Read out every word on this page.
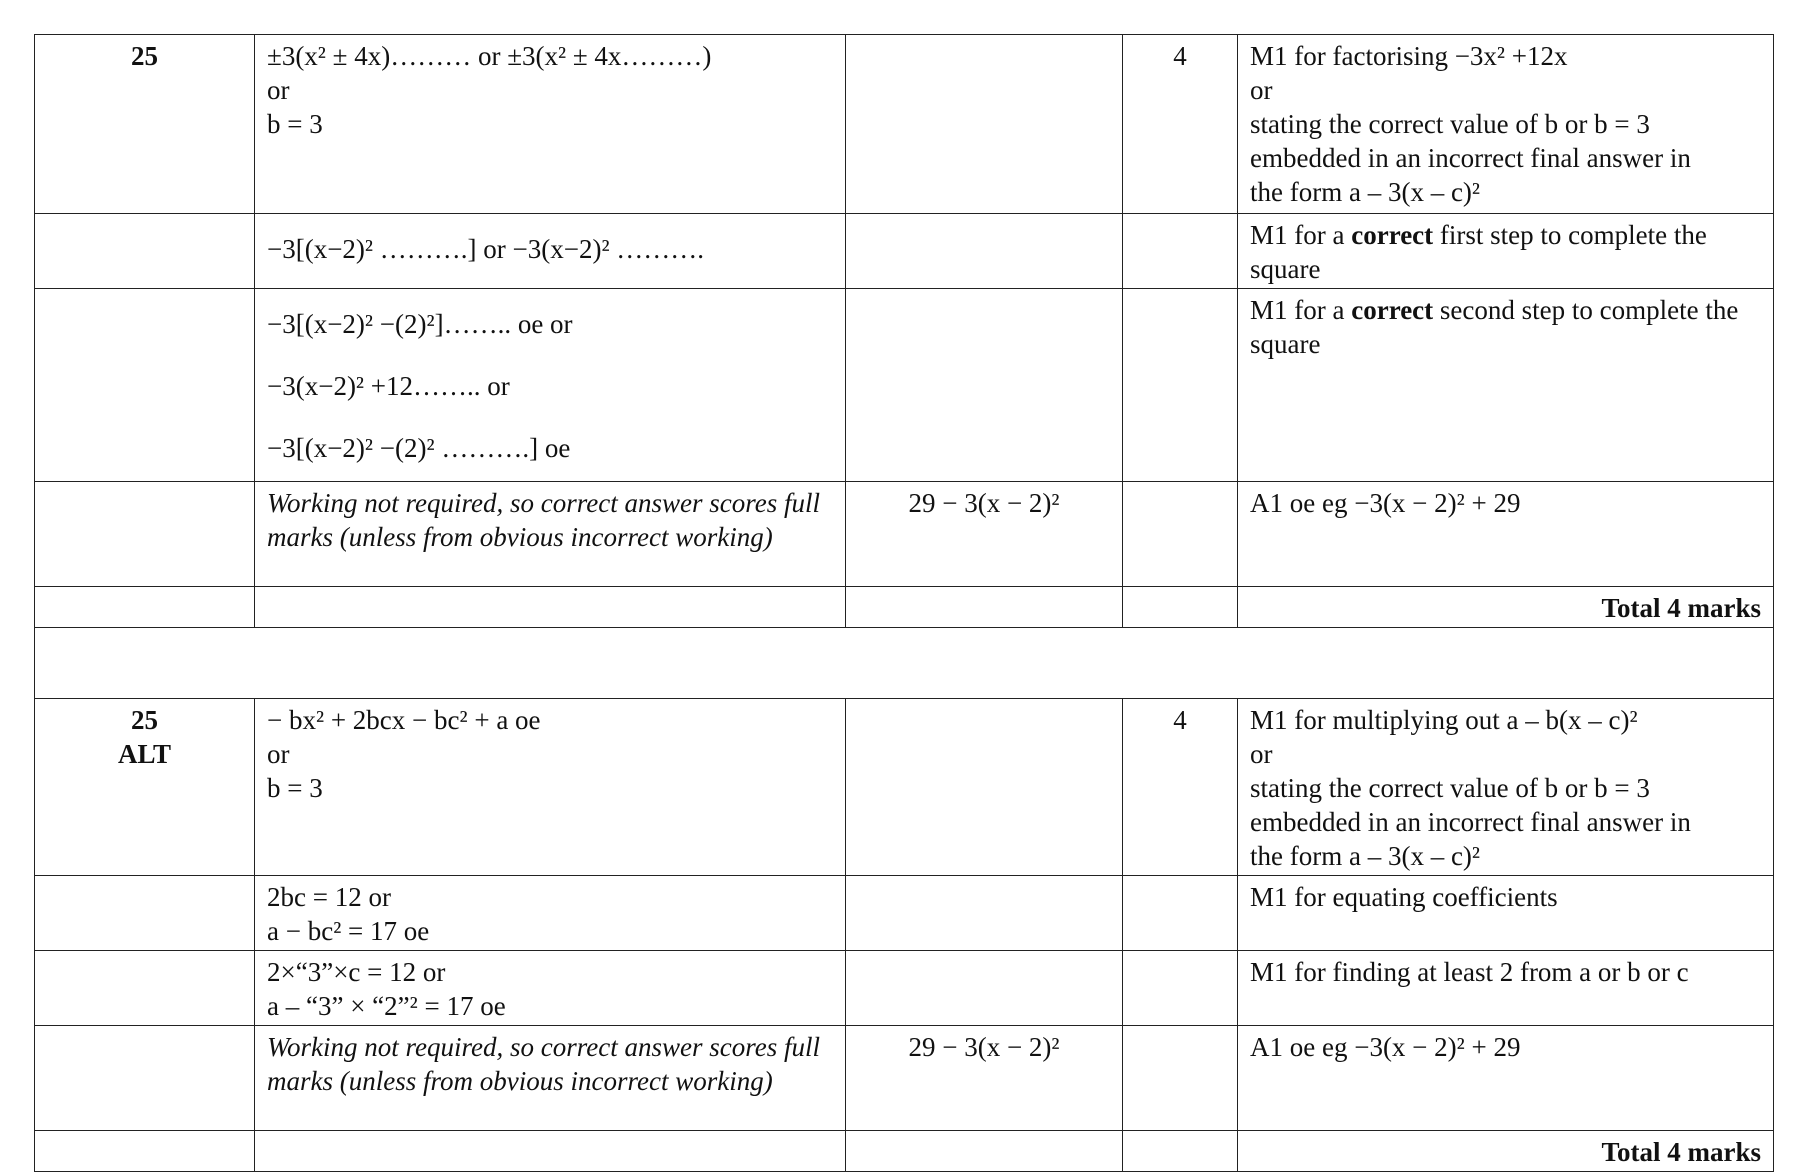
25	±3(x² ± 4x)……… or ±3(x² ± 4x………)
or
b = 3		4	M1 for factorising −3x² +12x
or
stating the correct value of b or b = 3
embedded in an incorrect final answer in
the form a – 3(x – c)²

	−3[(x−2)² ……….] or −3(x−2)² ……….			M1 for a correct first step to complete the square

	−3[(x−2)² −(2)²]…….. oe or
−3(x−2)² +12…….. or
−3[(x−2)² −(2)² ……….] oe			M1 for a correct second step to complete the square
	Working not required, so correct answer scores full marks (unless from obvious incorrect working)	29 − 3(x − 2)²		A1 oe eg −3(x − 2)² + 29
				Total 4 marks

25
ALT	− bx² + 2bcx − bc² + a oe
or
b = 3		4	M1 for multiplying out a – b(x – c)²
or
stating the correct value of b or b = 3
embedded in an incorrect final answer in
the form a – 3(x – c)²

	2bc = 12 or
a − bc² = 17 oe			M1 for equating coefficients

	2×“3”×c = 12 or
a – “3” × “2”² = 17 oe			M1 for finding at least 2 from a or b or c
	Working not required, so correct answer scores full marks (unless from obvious incorrect working)	29 − 3(x − 2)²		A1 oe eg −3(x − 2)² + 29
				Total 4 marks
